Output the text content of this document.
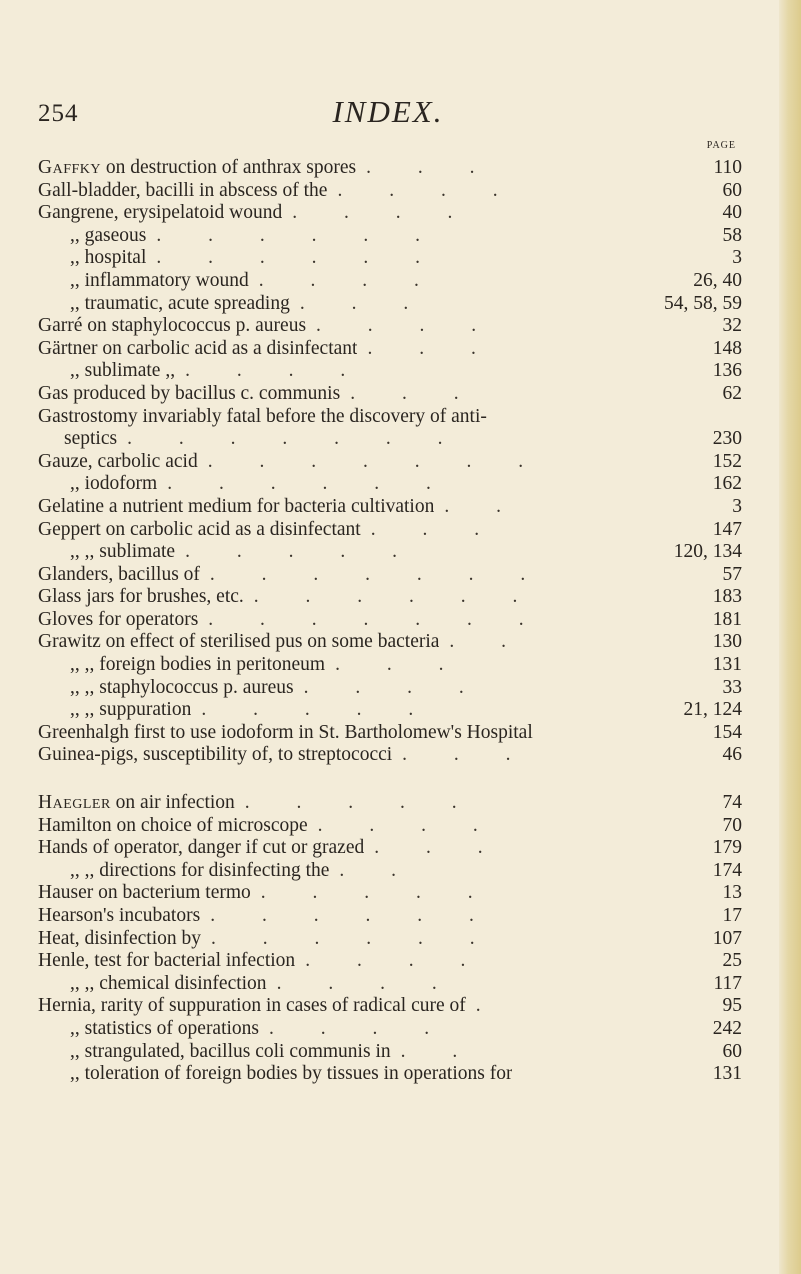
254	INDEX.
PAGE
Gaffky on destruction of anthrax spores . . .	110
Gall-bladder, bacilli in abscess of the . . . .	60
Gangrene, erysipelatoid wound . . . .	40
,, gaseous . . . . . .	58
,, hospital . . . . . .	3
,, inflammatory wound . . . .	26, 40
,, traumatic, acute spreading . . .	54, 58, 59
Garré on staphylococcus p. aureus . . . .	32
Gärtner on carbolic acid as a disinfectant . . .	148
,, sublimate ,, . . . .	136
Gas produced by bacillus c. communis . . .	62
Gastrostomy invariably fatal before the discovery of anti-
septics . . . . . . .	230
Gauze, carbolic acid . . . . . . .	152
,, iodoform . . . . . .	162
Gelatine a nutrient medium for bacteria cultivation . .	3
Geppert on carbolic acid as a disinfectant . . .	147
,, ,, sublimate . . . . .	120, 134
Glanders, bacillus of . . . . . . .	57
Glass jars for brushes, etc. . . . . . .	183
Gloves for operators . . . . . . .	181
Grawitz on effect of sterilised pus on some bacteria . .	130
,, ,, foreign bodies in peritoneum . . .	131
,, ,, staphylococcus p. aureus . . . .	33
,, ,, suppuration . . . . .	21, 124
Greenhalgh first to use iodoform in St. Bartholomew's Hospital	154
Guinea-pigs, susceptibility of, to streptococci . . .	46
Haegler on air infection . . . . .	74
Hamilton on choice of microscope . . . .	70
Hands of operator, danger if cut or grazed . . .	179
,, ,, directions for disinfecting the . .	174
Hauser on bacterium termo . . . . .	13
Hearson's incubators . . . . . .	17
Heat, disinfection by . . . . . .	107
Henle, test for bacterial infection . . . .	25
,, ,, chemical disinfection . . . .	117
Hernia, rarity of suppuration in cases of radical cure of .	95
,, statistics of operations . . . .	242
,, strangulated, bacillus coli communis in . .	60
,, toleration of foreign bodies by tissues in operations for	131
